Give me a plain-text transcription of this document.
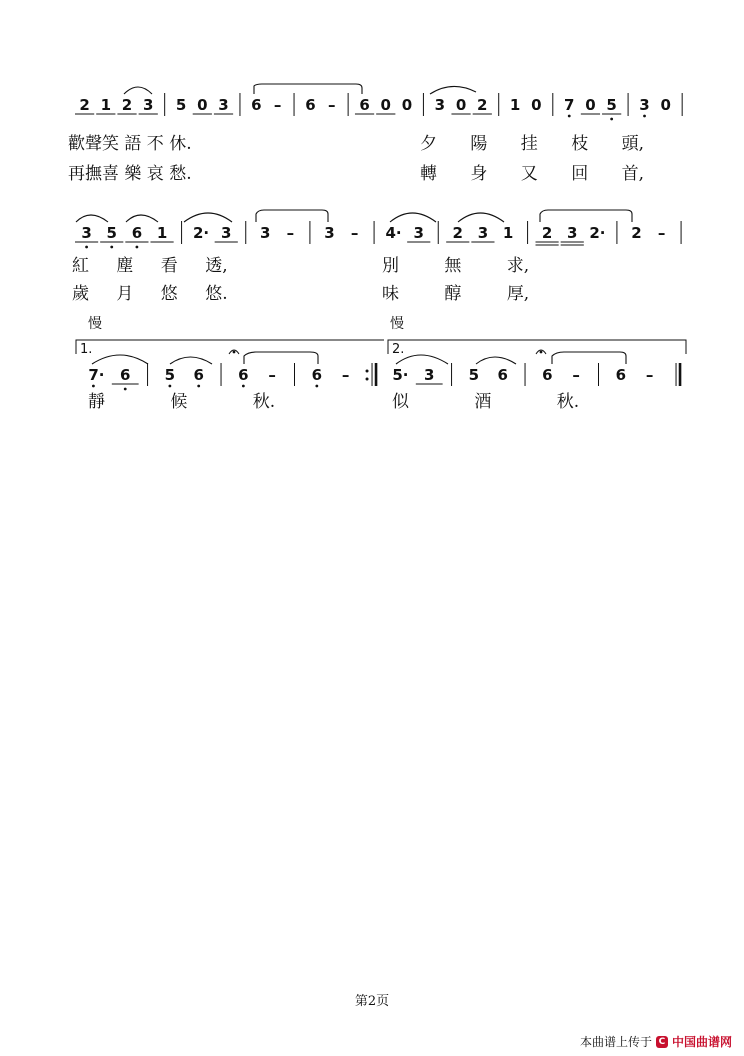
2 1 2 3 5 0 3 6 – 6 – 6 0 0 3 0 2 1 0 7 0 5 3 0
3 5 6 1 2· 3 3 – 3 – 4· 3 2 3 1 2 3 2· 2 –
7· 6 5 6 6 – 6 –	5· 3 5 6 6 – 6 –
1.	2.
慢	慢
歡聲笑 語 不 休.	夕 陽 挂 枝 頭,
再撫喜 樂 哀 愁.	轉 身 又 回 首,
紅 塵 看 透,	別 無 求,
歲 月 悠 悠.	味 醇 厚,
靜 候 秋.	似 酒 秋.
第2页
本曲谱上传于 C 中国曲谱网
